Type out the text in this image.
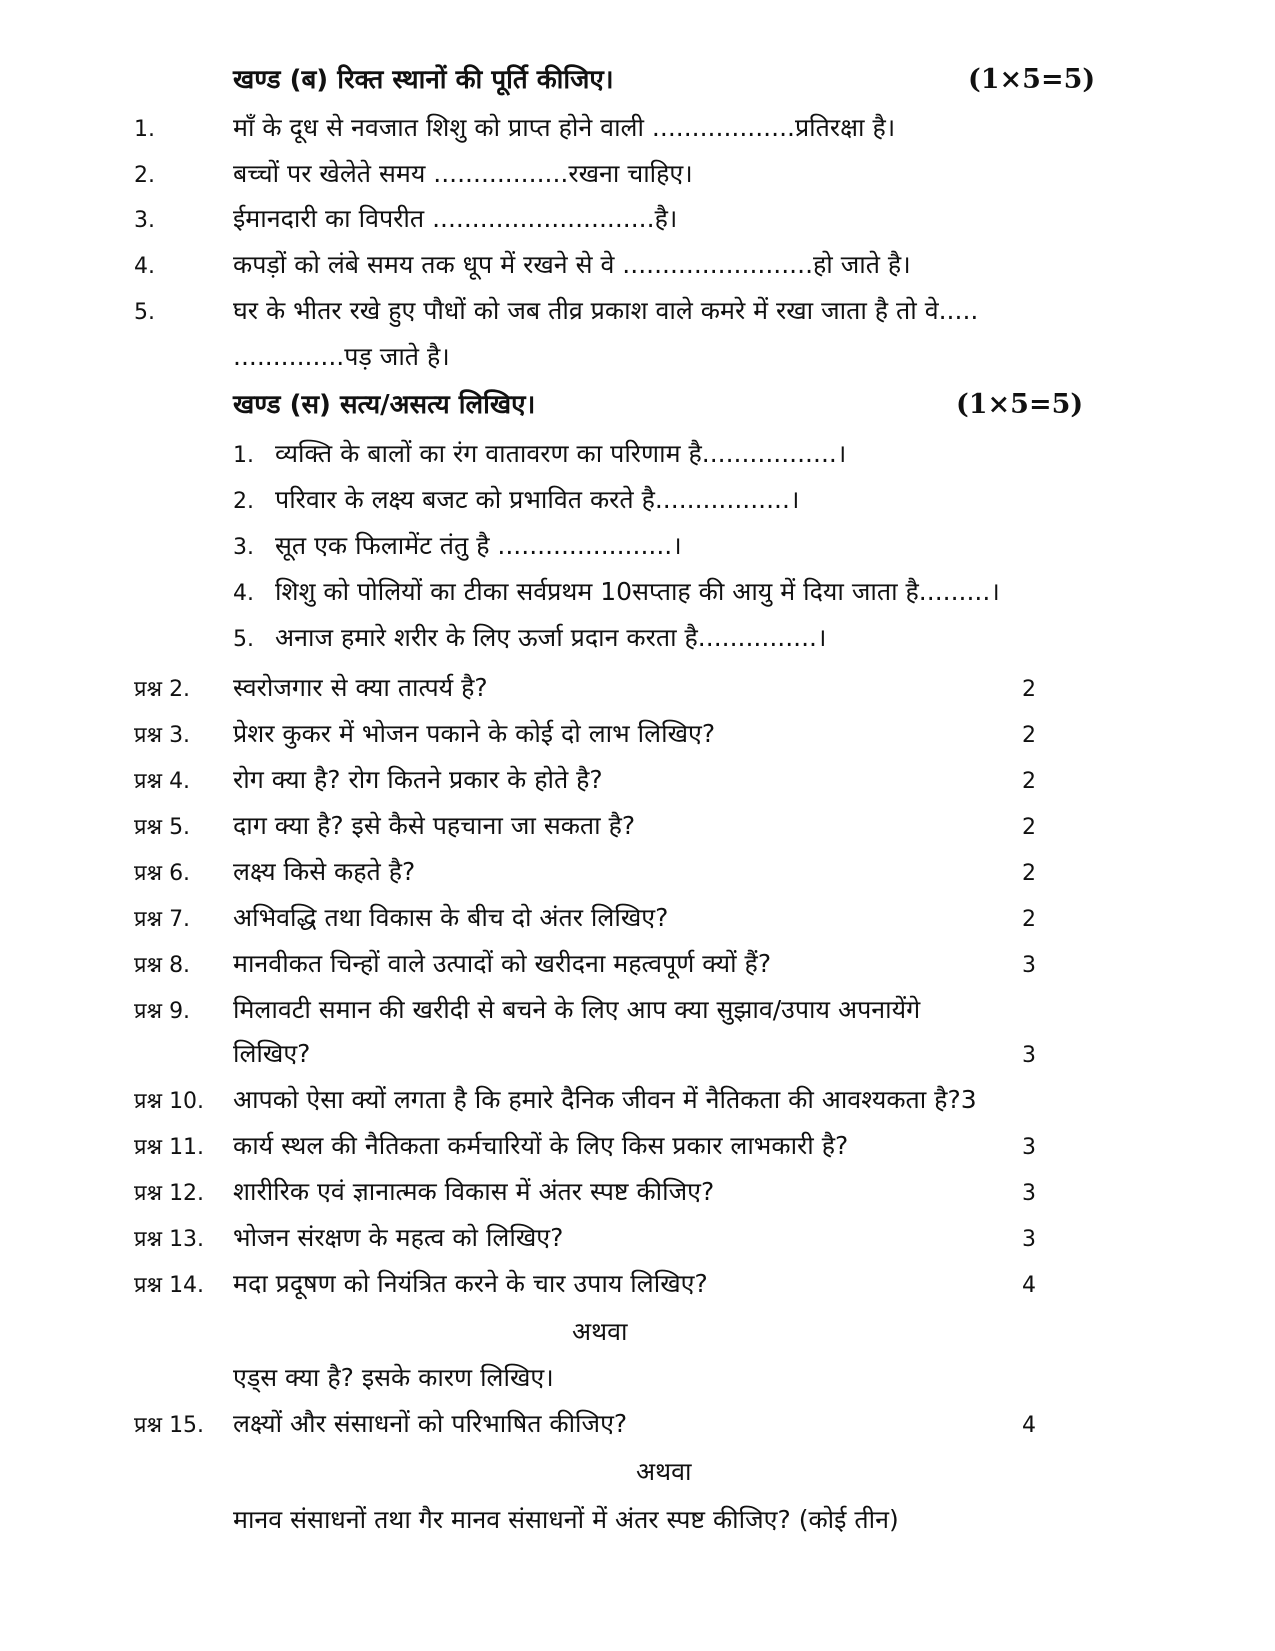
खण्ड (ब) रिक्त स्थानों की पूर्ति कीजिए।	(1×5=5)
1.	माँ के दूध से नवजात शिशु को प्राप्त होने वाली ..................प्रतिरक्षा है।
2.	बच्चों पर खेलेते समय .................रखना चाहिए।
3.	ईमानदारी का विपरीत ............................है।
4.	कपड़ों को लंबे समय तक धूप में रखने से वे ........................हो जाते है।
5.	घर के भीतर रखे हुए पौधों को जब तीव्र प्रकाश वाले कमरे में रखा जाता है तो वे.....
..............पड़ जाते है।
खण्ड (स) सत्य/असत्य लिखिए।	(1×5=5)
1. व्यक्ति के बालों का रंग वातावरण का परिणाम है.................।
2. परिवार के लक्ष्य बजट को प्रभावित करते है.................।
3. सूत एक फिलामेंट तंतु है ......................।
4. शिशु को पोलियों का टीका सर्वप्रथम 10सप्ताह की आयु में दिया जाता है.........।
5. अनाज हमारे शरीर के लिए ऊर्जा प्रदान करता है...............।
प्रश्न 2. स्वरोजगार से क्या तात्पर्य है?	2
प्रश्न 3. प्रेशर कुकर में भोजन पकाने के कोई दो लाभ लिखिए?	2
प्रश्न 4. रोग क्या है? रोग कितने प्रकार के होते है?	2
प्रश्न 5. दाग क्या है? इसे कैसे पहचाना जा सकता है?	2
प्रश्न 6. लक्ष्य किसे कहते है?	2
प्रश्न 7. अभिवद्धि तथा विकास के बीच दो अंतर लिखिए?	2
प्रश्न 8. मानवीकत चिन्हों वाले उत्पादों को खरीदना महत्वपूर्ण क्यों हैं?	3
प्रश्न 9. मिलावटी समान की खरीदी से बचने के लिए आप क्या सुझाव/उपाय अपनायेंगे
लिखिए?	3
प्रश्न 10. आपको ऐसा क्यों लगता है कि हमारे दैनिक जीवन में नैतिकता की आवश्यकता है?3
प्रश्न 11. कार्य स्थल की नैतिकता कर्मचारियों के लिए किस प्रकार लाभकारी है?	3
प्रश्न 12. शारीरिक एवं ज्ञानात्मक विकास में अंतर स्पष्ट कीजिए?	3
प्रश्न 13. भोजन संरक्षण के महत्व को लिखिए?	3
प्रश्न 14. मदा प्रदूषण को नियंत्रित करने के चार उपाय लिखिए?	4
अथवा
एड्स क्या है? इसके कारण लिखिए।
प्रश्न 15. लक्ष्यों और संसाधनों को परिभाषित कीजिए?	4
अथवा
मानव संसाधनों तथा गैर मानव संसाधनों में अंतर स्पष्ट कीजिए? (कोई तीन)
